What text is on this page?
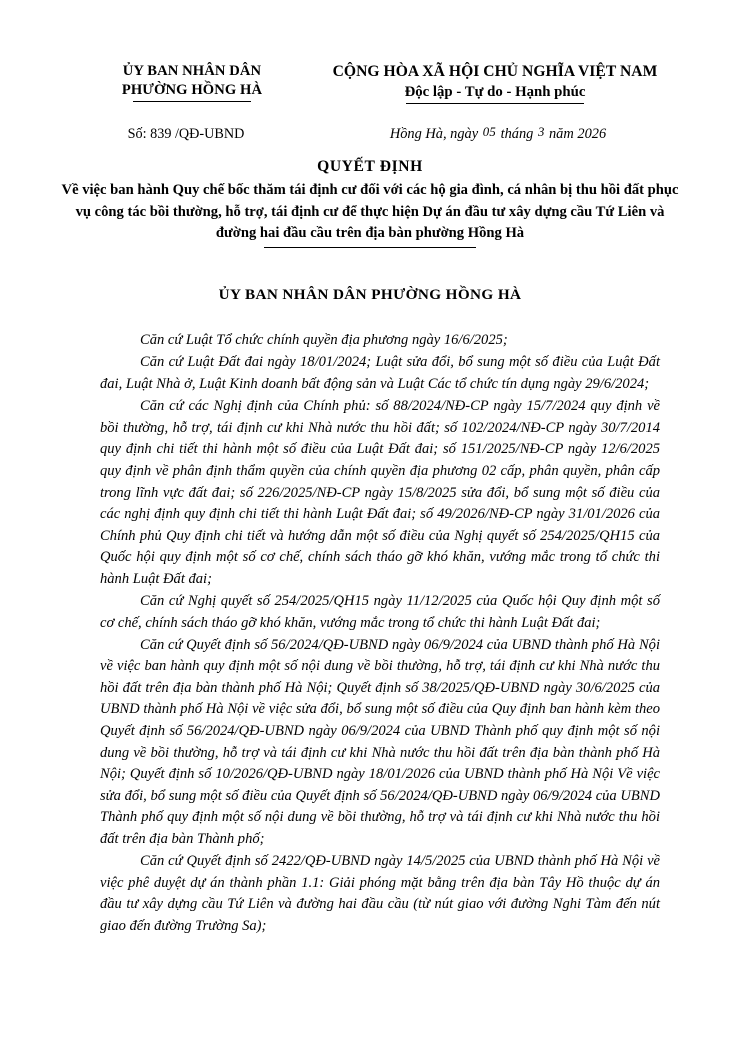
ỦY BAN NHÂN DÂN
PHƯỜNG HỒNG HÀ
CỘNG HÒA XÃ HỘI CHỦ NGHĨA VIỆT NAM
Độc lập - Tự do - Hạnh phúc
Số: 839 /QĐ-UBND	Hồng Hà, ngày 05 tháng 3 năm 2026
QUYẾT ĐỊNH
Về việc ban hành Quy chế bốc thăm tái định cư đối với các hộ gia đình, cá nhân bị thu hồi đất phục vụ công tác bồi thường, hỗ trợ, tái định cư để thực hiện Dự án đầu tư xây dựng cầu Tứ Liên và đường hai đầu cầu trên địa bàn phường Hồng Hà
ỦY BAN NHÂN DÂN PHƯỜNG HỒNG HÀ

Căn cứ Luật Tổ chức chính quyền địa phương ngày 16/6/2025;

Căn cứ Luật Đất đai ngày 18/01/2024; Luật sửa đổi, bổ sung một số điều của Luật Đất đai, Luật Nhà ở, Luật Kinh doanh bất động sản và Luật Các tổ chức tín dụng ngày 29/6/2024;

Căn cứ các Nghị định của Chính phủ: số 88/2024/NĐ-CP ngày 15/7/2024 quy định về bồi thường, hỗ trợ, tái định cư khi Nhà nước thu hồi đất; số 102/2024/NĐ-CP ngày 30/7/2014 quy định chi tiết thi hành một số điều của Luật Đất đai; số 151/2025/NĐ-CP ngày 12/6/2025 quy định về phân định thẩm quyền của chính quyền địa phương 02 cấp, phân quyền, phân cấp trong lĩnh vực đất đai; số 226/2025/NĐ-CP ngày 15/8/2025 sửa đổi, bổ sung một số điều của các nghị định quy định chi tiết thi hành Luật Đất đai; số 49/2026/NĐ-CP ngày 31/01/2026 của Chính phủ Quy định chi tiết và hướng dẫn một số điều của Nghị quyết số 254/2025/QH15 của Quốc hội quy định một số cơ chế, chính sách tháo gỡ khó khăn, vướng mắc trong tổ chức thi hành Luật Đất đai;

Căn cứ Nghị quyết số 254/2025/QH15 ngày 11/12/2025 của Quốc hội Quy định một số cơ chế, chính sách tháo gỡ khó khăn, vướng mắc trong tổ chức thi hành Luật Đất đai;

Căn cứ Quyết định số 56/2024/QĐ-UBND ngày 06/9/2024 của UBND thành phố Hà Nội về việc ban hành quy định một số nội dung về bồi thường, hỗ trợ, tái định cư khi Nhà nước thu hồi đất trên địa bàn thành phố Hà Nội; Quyết định số 38/2025/QĐ-UBND ngày 30/6/2025 của UBND thành phố Hà Nội về việc sửa đổi, bổ sung một số điều của Quy định ban hành kèm theo Quyết định số 56/2024/QĐ-UBND ngày 06/9/2024 của UBND Thành phố quy định một số nội dung về bồi thường, hỗ trợ và tái định cư khi Nhà nước thu hồi đất trên địa bàn thành phố Hà Nội; Quyết định số 10/2026/QĐ-UBND ngày 18/01/2026 của UBND thành phố Hà Nội Về việc sửa đổi, bổ sung một số điều của Quyết định số 56/2024/QĐ-UBND ngày 06/9/2024 của UBND Thành phố quy định một số nội dung về bồi thường, hỗ trợ và tái định cư khi Nhà nước thu hồi đất trên địa bàn Thành phố;

Căn cứ Quyết định số 2422/QĐ-UBND ngày 14/5/2025 của UBND thành phố Hà Nội về việc phê duyệt dự án thành phần 1.1: Giải phóng mặt bằng trên địa bàn Tây Hồ thuộc dự án đầu tư xây dựng cầu Tứ Liên và đường hai đầu cầu (từ nút giao với đường Nghi Tàm đến nút giao đến đường Trường Sa);
